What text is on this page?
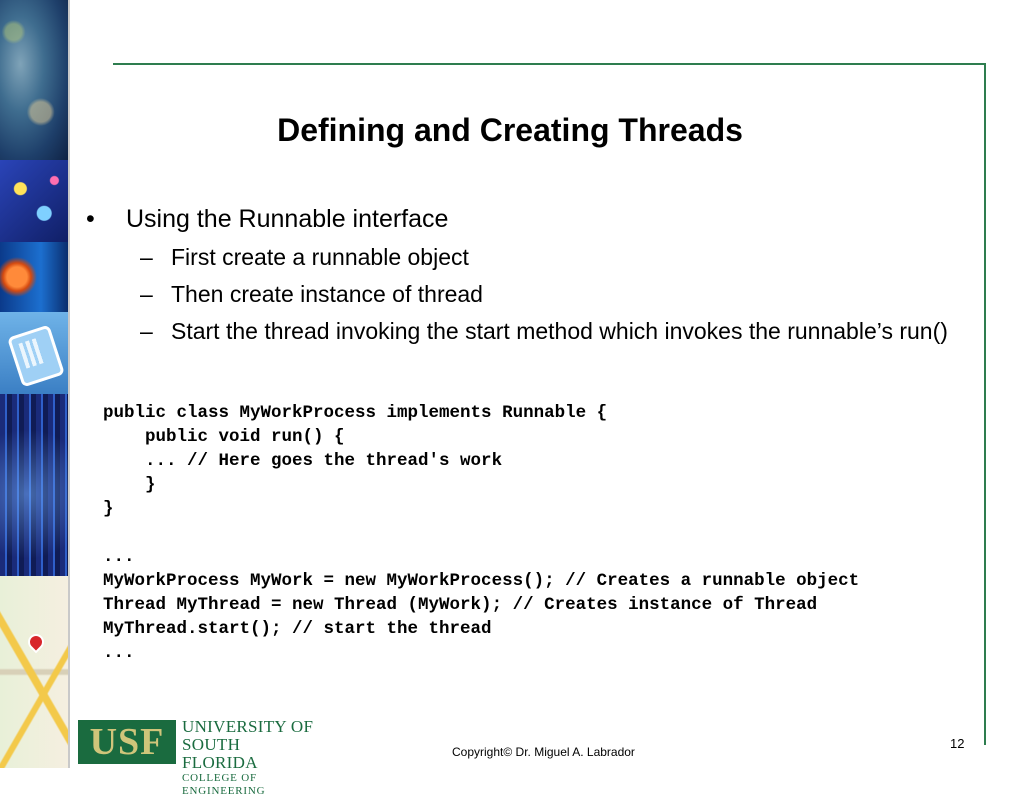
Defining and Creating Threads
• Using the Runnable interface
– First create a runnable object
– Then create instance of thread
– Start the thread invoking the start method which invokes the runnable’s run()
public class MyWorkProcess implements Runnable {
public void run() {
... // Here goes the thread's work
}
}
...
MyWorkProcess MyWork = new MyWorkProcess(); // Creates a runnable object
Thread MyThread = new Thread (MyWork); // Creates instance of Thread
MyThread.start(); // start the thread
...
USF	UNIVERSITY OF
SOUTH FLORIDA
COLLEGE OF ENGINEERING
Copyright© Dr. Miguel A. Labrador
12
